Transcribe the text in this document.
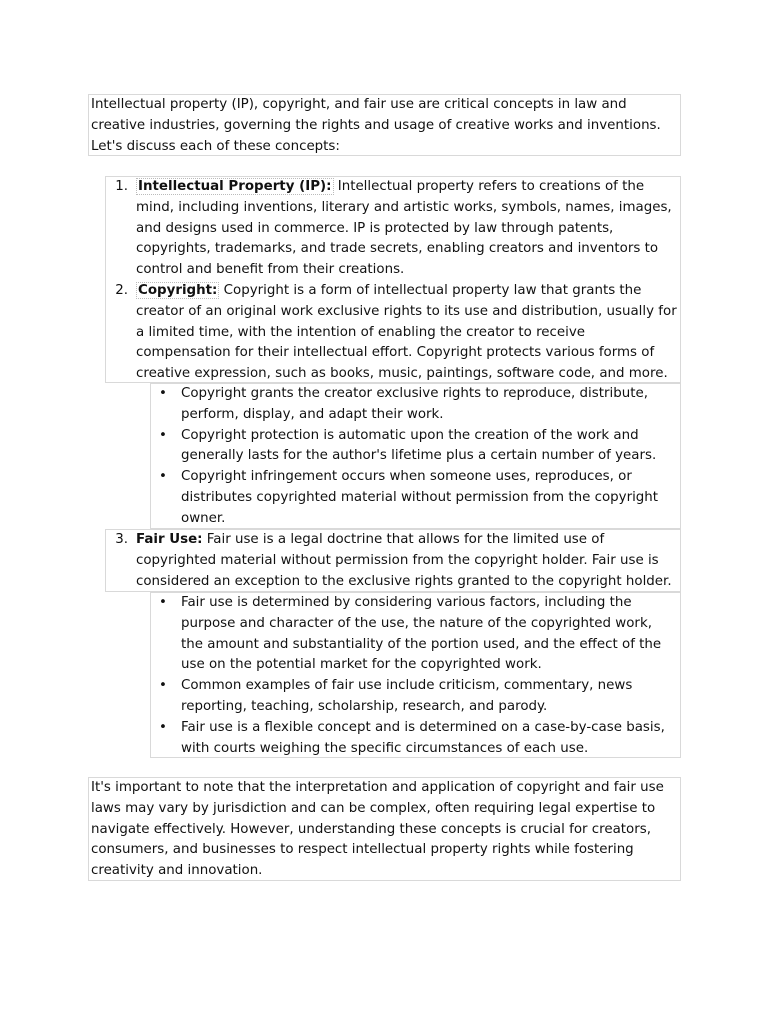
Intellectual property (IP), copyright, and fair use are critical concepts in law and creative industries, governing the rights and usage of creative works and inventions. Let's discuss each of these concepts:

1. Intellectual Property (IP): Intellectual property refers to creations of the mind, including inventions, literary and artistic works, symbols, names, images, and designs used in commerce. IP is protected by law through patents, copyrights, trademarks, and trade secrets, enabling creators and inventors to control and benefit from their creations.
2. Copyright: Copyright is a form of intellectual property law that grants the creator of an original work exclusive rights to its use and distribution, usually for a limited time, with the intention of enabling the creator to receive compensation for their intellectual effort. Copyright protects various forms of creative expression, such as books, music, paintings, software code, and more.
• Copyright grants the creator exclusive rights to reproduce, distribute, perform, display, and adapt their work.
• Copyright protection is automatic upon the creation of the work and generally lasts for the author's lifetime plus a certain number of years.
• Copyright infringement occurs when someone uses, reproduces, or distributes copyrighted material without permission from the copyright owner.
3. Fair Use: Fair use is a legal doctrine that allows for the limited use of copyrighted material without permission from the copyright holder. Fair use is considered an exception to the exclusive rights granted to the copyright holder.
• Fair use is determined by considering various factors, including the purpose and character of the use, the nature of the copyrighted work, the amount and substantiality of the portion used, and the effect of the use on the potential market for the copyrighted work.
• Common examples of fair use include criticism, commentary, news reporting, teaching, scholarship, research, and parody.
• Fair use is a flexible concept and is determined on a case-by-case basis, with courts weighing the specific circumstances of each use.

It's important to note that the interpretation and application of copyright and fair use laws may vary by jurisdiction and can be complex, often requiring legal expertise to navigate effectively. However, understanding these concepts is crucial for creators, consumers, and businesses to respect intellectual property rights while fostering creativity and innovation.
